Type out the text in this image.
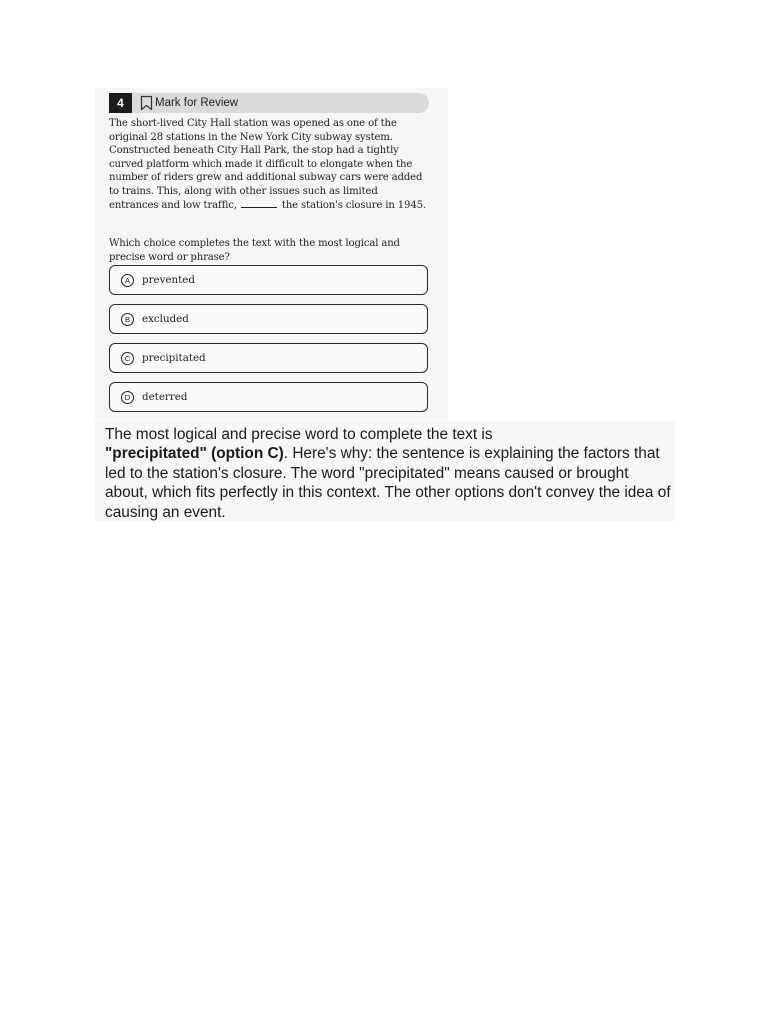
4	Mark for Review

The short-lived City Hall station was opened as one of the original 28 stations in the New York City subway system. Constructed beneath City Hall Park, the stop had a tightly curved platform which made it difficult to elongate when the number of riders grew and additional subway cars were added to trains. This, along with other issues such as limited entrances and low traffic,	the station's closure in 1945.

Which choice completes the text with the most logical and precise word or phrase?

A	prevented
B	excluded
C	precipitated
D	deterred

The most logical and precise word to complete the text is
"precipitated" (option C). Here's why: the sentence is explaining the factors that led to the station's closure. The word "precipitated" means caused or brought about, which fits perfectly in this context. The other options don't convey the idea of causing an event.
